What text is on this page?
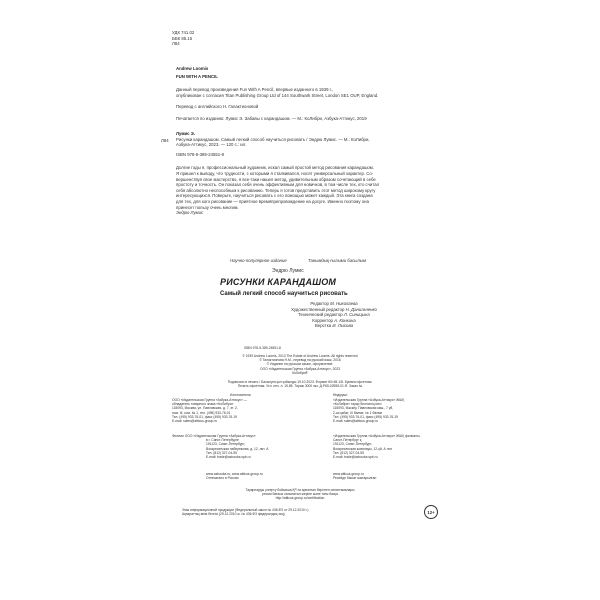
УДК 741.02
ББК 85.15
Л84
Andrew Loomis
FUN WITH A PENCIL
Данный перевод произведения Fun With A Pencil, впервые изданного в 1939 г.,
опубликован с согласия Titan Publishing Group Ltd of 144 Southwark Street, London SE1 OUP, England.
Перевод с английского Н. Галактионовой
Печатается по изданию: Лумис Э. Забавы с карандашом. — М.: КоЛибри, Азбука-Аттикус, 2019
Л84
Лумис Э.
Рисунки карандашом. Самый легкий способ научиться рисовать / Эндрю Лумис. — М.: КоЛибри,
Азбука-Аттикус, 2023. — 120 с.: ил.
ISBN 978-5-389-24551-8
Долгие годы я, профессиональный художник, искал самый простой метод рисования карандашом.
Я пришел к выводу, что трудности, с которыми я сталкивался, носят универсальный характер. Со-
вершенствуя свое мастерство, я все-таки нашел метод, удивительным образом сочетающий в себе
простоту и точность. Он показал себя очень эффективным для новичков, в том числе тех, кто считал
себя абсолютно неспособным к рисованию. Теперь я готов представить этот метод широкому кругу
интересующихся. Поверьте, научиться рисовать с его помощью может каждый. Эта книга создана
для тех, для кого рисование — приятное времяпрепровождение на досуге. Именно поэтому она
принесет пользу очень многим.
Эндрю Лумис
Научно-популярное издание	Танымдық-ғылыми басылым
Эндрю Лумис
РИСУНКИ КАРАНДАШОМ
Самый легкий способ научиться рисовать
Редактор М. Николаева
Художественный редактор Н. Данильченко
Технический редактор Л. Синицына
Корректор А. Конкина
Верстка И. Лысова
ISBN 978-5-389-24551-8
© 1939 Andrew Loomis, 2013 The Estate of Andrew Loomis. All rights reserved
© Галактионова Н.М., перевод на русский язык, 2016
© Издание на русском языке, оформление.
ООО «Издательская Группа «Азбука-Аттикус», 2023
КоЛибри®
Подписано в печать / Басылуға қол қойылды 19.10.2023. Формат 60×84 1/8. Бумага офсетная.
Печать офсетная. Усл. печ. л. 15,85. Тираж 3000 экз. Д-P65-02555-01-R. Заказ №
Изготовитель:	Өндіруші:
ООО «Издательская Группа «Азбука-Аттикус» —
обладатель товарного знака «КоЛибри»
115093, Москва, ул. Павловская, д. 7, эт. 2,
пом. III, ком. № 1, тел. (495) 933-76-01
Тел. (495) 933-76-01, факс (495) 933-76-19
E-mail: sales@atticus-group.ru
«Издательская Группа «Азбука-Аттикус» ЖШҚ
«КоЛибри» тауар белгісінің иесі
115093, Мәскеу, Павловская көш., 7 үй,
2-ші қабат, III бөлме, № 1 бөлме
Тел. (495) 933-76-01, факс (495) 933-76-19
E-mail: sales@atticus-group.ru
Филиал ООО «Издательская Группа «Азбука-Аттикус»
в г. Санкт-Петербурге
191123, Санкт-Петербург,
Воскресенская набережная, д. 12, лит. А
Тел. (812) 327-04-55
E-mail: trade@azbooka.spb.ru
«Издательская Группа «Азбука-Аттикус» ЖШҚ филиалы,
Санкт-Петербург қ.
191123, Санкт-Петербург,
Воскресенская жағалауы, 12-үй, А лит.
Тел. (812) 327-04-55
E-mail: trade@azbooka.spb.ru
www.azbooka.ru; www.atticus-group.ru
Отпечатано в России
www.atticus-group.ru
Ресейде басып шығарылған
Тауарларды үлгерту бойынша ҚР-ға арналған берілген сипаттамалары
ресми бағасы сатылатын жеріне және тағы басқа
http://atticus-group.ru/certification
Знак информационной продукции (Федеральный закон № 436-ФЗ от 29.12.2010 г.)
Ақпараттық өнім белгісі (29.12.2010 ж. № 436-ФЗ федералдық заң)	12+
